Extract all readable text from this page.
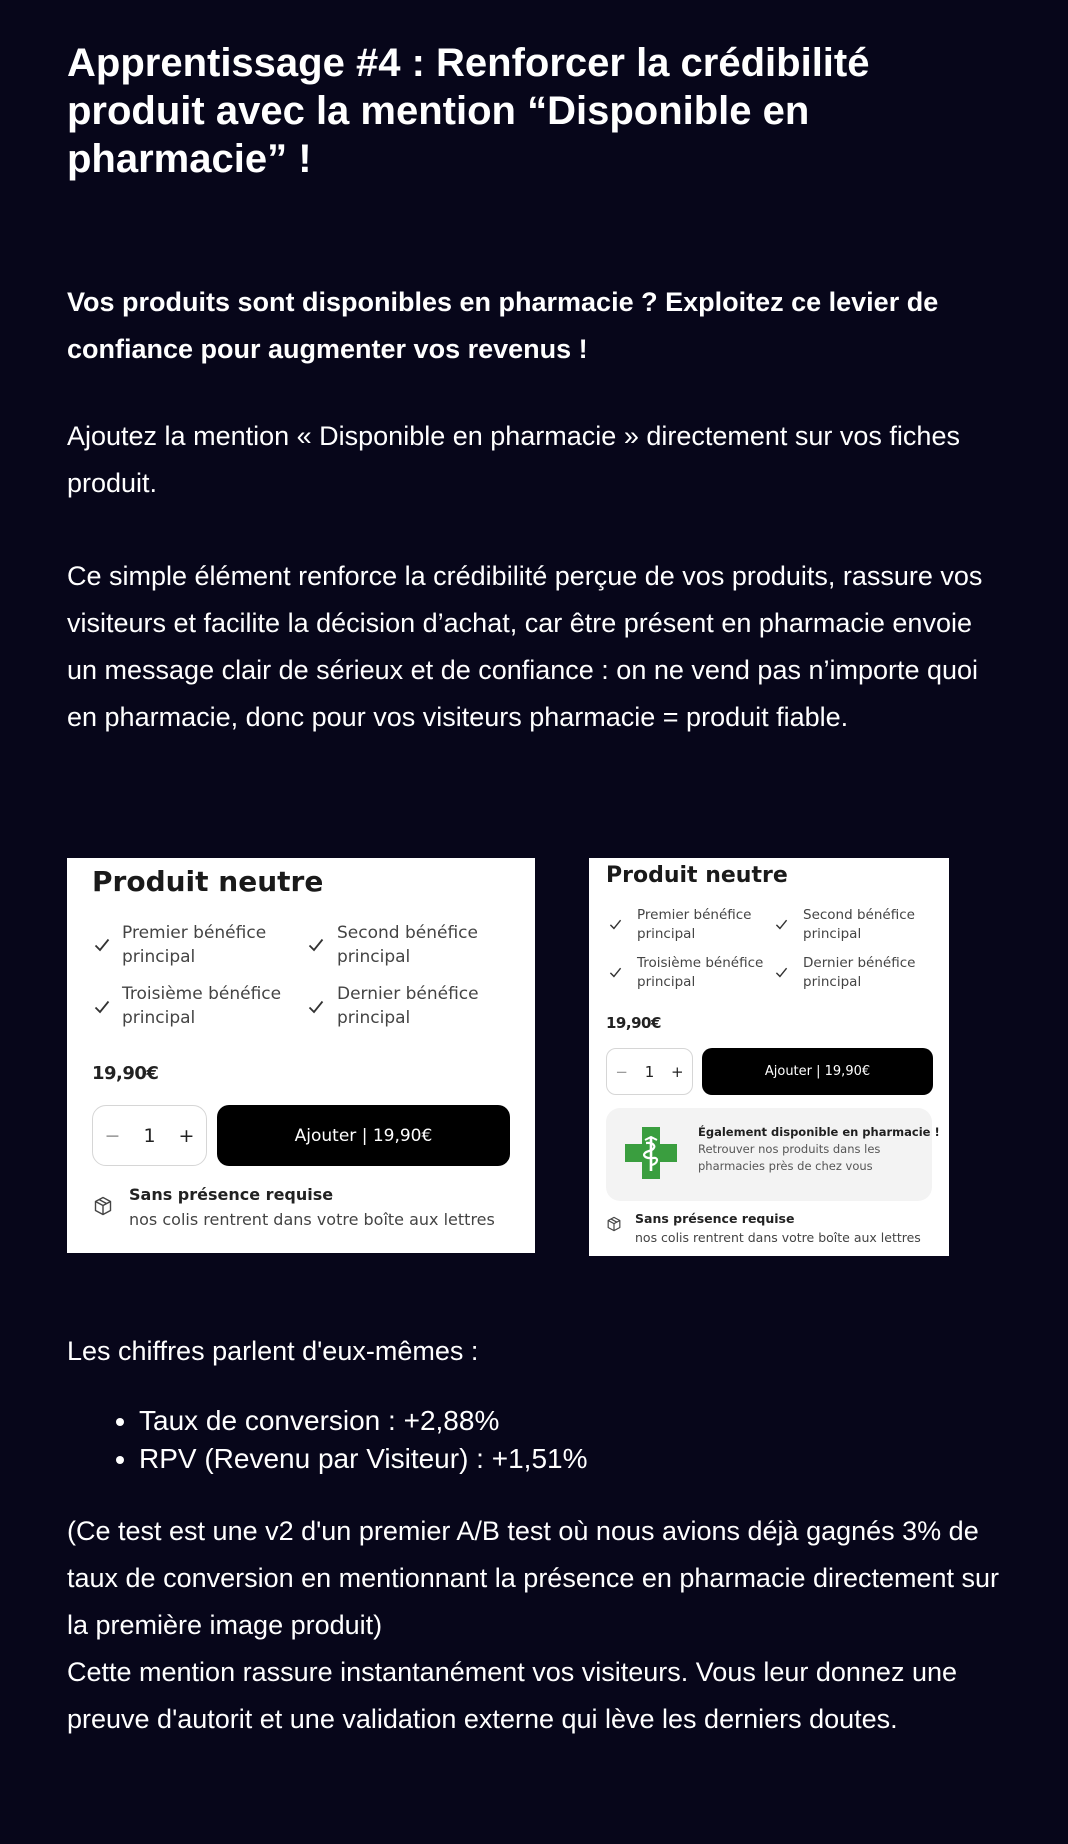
Apprentissage #4 : Renforcer la crédibilité produit avec la mention “Disponible en pharmacie” !

Vos produits sont disponibles en pharmacie ? Exploitez ce levier de confiance pour augmenter vos revenus !

Ajoutez la mention « Disponible en pharmacie » directement sur vos fiches produit.

Ce simple élément renforce la crédibilité perçue de vos produits, rassure vos visiteurs et facilite la décision d’achat, car être présent en pharmacie envoie un message clair de sérieux et de confiance : on ne vend pas n’importe quoi en pharmacie, donc pour vos visiteurs pharmacie = produit fiable.

Les chiffres parlent d'eux-mêmes :

• Taux de conversion : +2,88%
• RPV (Revenu par Visiteur) : +1,51%

(Ce test est une v2 d'un premier A/B test où nous avions déjà gagnés 3% de taux de conversion en mentionnant la présence en pharmacie directement sur la première image produit)
Cette mention rassure instantanément vos visiteurs. Vous leur donnez une preuve d'autorit et une validation externe qui lève les derniers doutes.

Produit neutre
Premier bénéfice principal
Second bénéfice principal
Troisième bénéfice principal
Dernier bénéfice principal
19,90€
− 1 +	Ajouter | 19,90€
Sans présence requise
nos colis rentrent dans votre boîte aux lettres
Produit neutre
Premier bénéfice principal
Second bénéfice principal
Troisième bénéfice principal
Dernier bénéfice principal
19,90€
− 1 +	Ajouter | 19,90€
Également disponible en pharmacie !
Retrouver nos produits dans les pharmacies près de chez vous
Sans présence requise
nos colis rentrent dans votre boîte aux lettres
